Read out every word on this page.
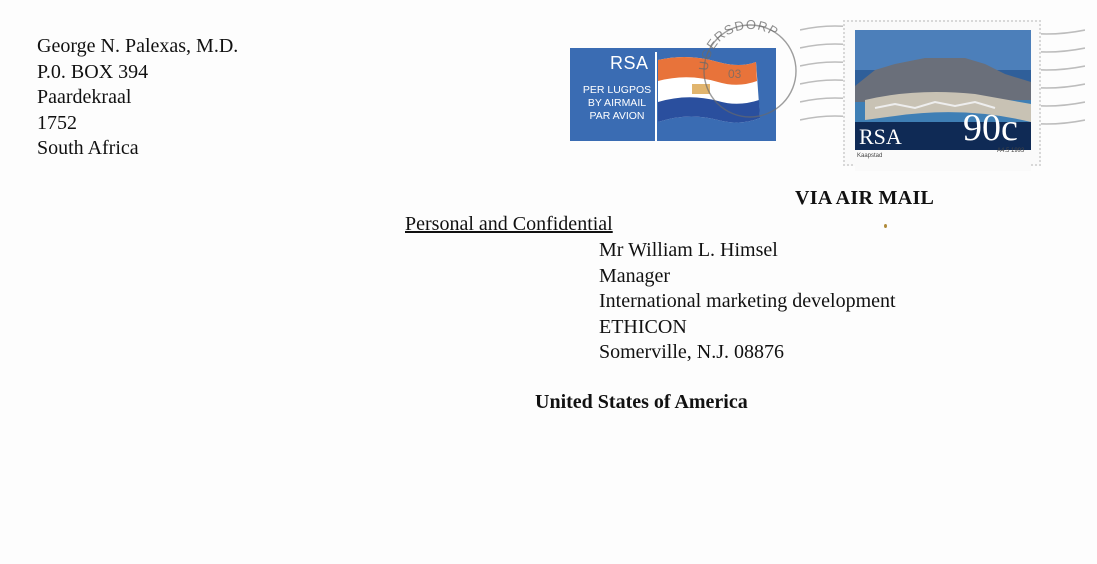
George N. Palexas, M.D.
P.0. BOX 394
Paardekraal
1752
South Africa
RSA
PER LUGPOS
BY AIRMAIL
PAR AVION
UGERSDORP
03
RSA 90c
Kaapstad
A4.5 1993
VIA AIR MAIL
Personal and Confidential
Mr William L. Himsel
Manager
International marketing development
ETHICON
Somerville, N.J. 08876
United States of America
